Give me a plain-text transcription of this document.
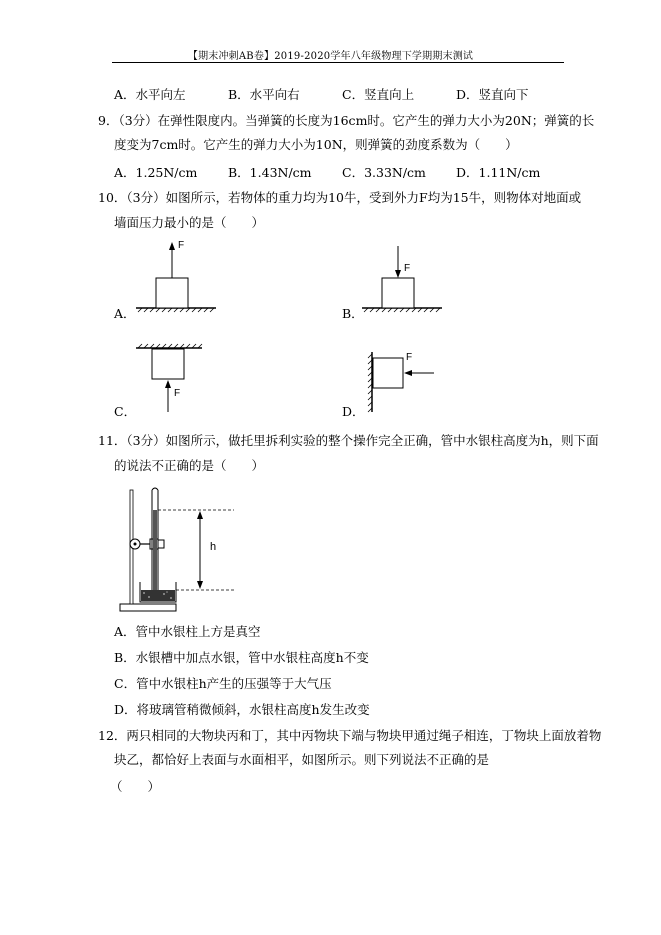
【期末冲刺AB卷】2019-2020学年八年级物理下学期期末测试
A．水平向左	B．水平向右	C．竖直向上	D．竖直向下
9．（3分）在弹性限度内。当弹簧的长度为16cm时。它产生的弹力大小为20N；弹簧的长
度变为7cm时。它产生的弹力大小为10N，则弹簧的劲度系数为（　　）
A．1.25N/cm B．1.43N/cm C．3.33N/cm D．1.11N/cm
10．（3分）如图所示，若物体的重力均为10牛，受到外力F均为15牛，则物体对地面或
墙面压力最小的是（　　）
A．	B．
C．	D．
F
F
F
F
11．（3分）如图所示，做托里拆利实验的整个操作完全正确，管中水银柱高度为h，则下面
的说法不正确的是（　　）
h
A．管中水银柱上方是真空
B．水银槽中加点水银，管中水银柱高度h不变
C．管中水银柱h产生的压强等于大气压
D．将玻璃管稍微倾斜，水银柱高度h发生改变
12．两只相同的大物块丙和丁，其中丙物块下端与物块甲通过绳子相连，丁物块上面放着物
块乙，都恰好上表面与水面相平，如图所示。则下列说法不正确的是
（　　）
